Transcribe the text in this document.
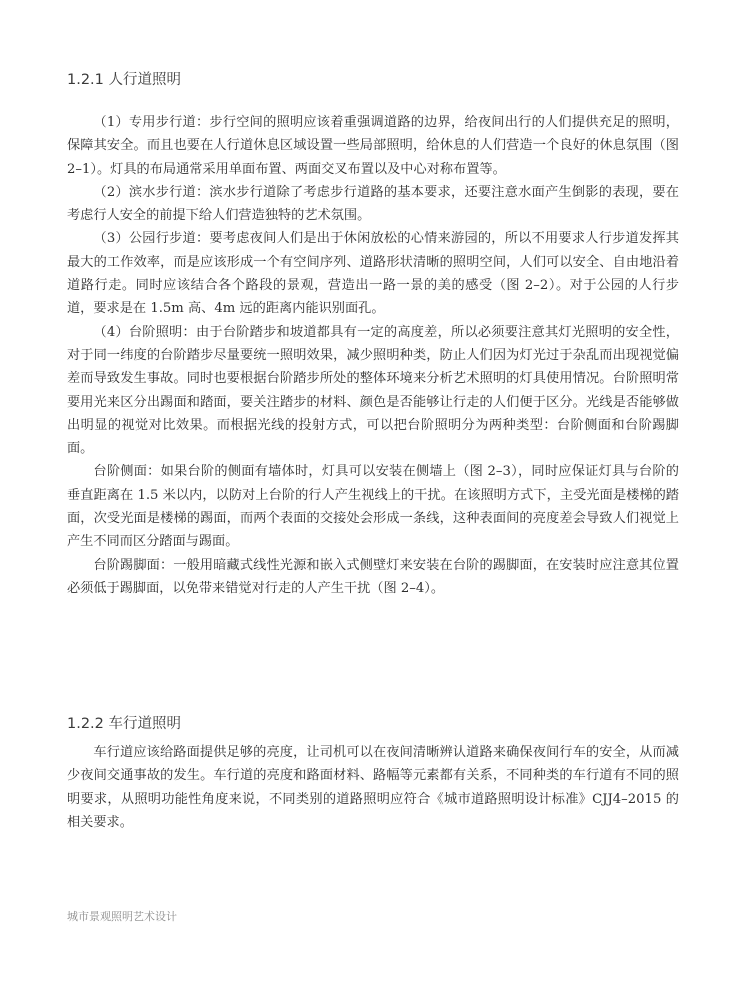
1.2.1 人行道照明

（1）专用步行道：步行空间的照明应该着重强调道路的边界，给夜间出行的人们提供充足的照明，保障其安全。而且也要在人行道休息区域设置一些局部照明，给休息的人们营造一个良好的休息氛围（图 2–1）。灯具的布局通常采用单面布置、两面交叉布置以及中心对称布置等。

（2）滨水步行道：滨水步行道除了考虑步行道路的基本要求，还要注意水面产生倒影的表现，要在考虑行人安全的前提下给人们营造独特的艺术氛围。

（3）公园行步道：要考虑夜间人们是出于休闲放松的心情来游园的，所以不用要求人行步道发挥其最大的工作效率，而是应该形成一个有空间序列、道路形状清晰的照明空间，人们可以安全、自由地沿着道路行走。同时应该结合各个路段的景观，营造出一路一景的美的感受（图 2–2）。对于公园的人行步道，要求是在 1.5m 高、4m 远的距离内能识别面孔。

（4）台阶照明：由于台阶踏步和坡道都具有一定的高度差，所以必须要注意其灯光照明的安全性，对于同一纬度的台阶踏步尽量要统一照明效果，减少照明种类，防止人们因为灯光过于杂乱而出现视觉偏差而导致发生事故。同时也要根据台阶踏步所处的整体环境来分析艺术照明的灯具使用情况。台阶照明常要用光来区分出踢面和踏面，要关注踏步的材料、颜色是否能够让行走的人们便于区分。光线是否能够做出明显的视觉对比效果。而根据光线的投射方式，可以把台阶照明分为两种类型：台阶侧面和台阶踢脚面。

台阶侧面：如果台阶的侧面有墙体时，灯具可以安装在侧墙上（图 2–3），同时应保证灯具与台阶的垂直距离在 1.5 米以内，以防对上台阶的行人产生视线上的干扰。在该照明方式下，主受光面是楼梯的踏面，次受光面是楼梯的踢面，而两个表面的交接处会形成一条线，这种表面间的亮度差会导致人们视觉上产生不同而区分踏面与踢面。

台阶踢脚面：一般用暗藏式线性光源和嵌入式侧壁灯来安装在台阶的踢脚面，在安装时应注意其位置必须低于踢脚面，以免带来错觉对行走的人产生干扰（图 2–4）。

1.2.2 车行道照明

车行道应该给路面提供足够的亮度，让司机可以在夜间清晰辨认道路来确保夜间行车的安全，从而减少夜间交通事故的发生。车行道的亮度和路面材料、路幅等元素都有关系，不同种类的车行道有不同的照明要求，从照明功能性角度来说，不同类别的道路照明应符合《城市道路照明设计标准》CJJ4–2015 的相关要求。

城市景观照明艺术设计
